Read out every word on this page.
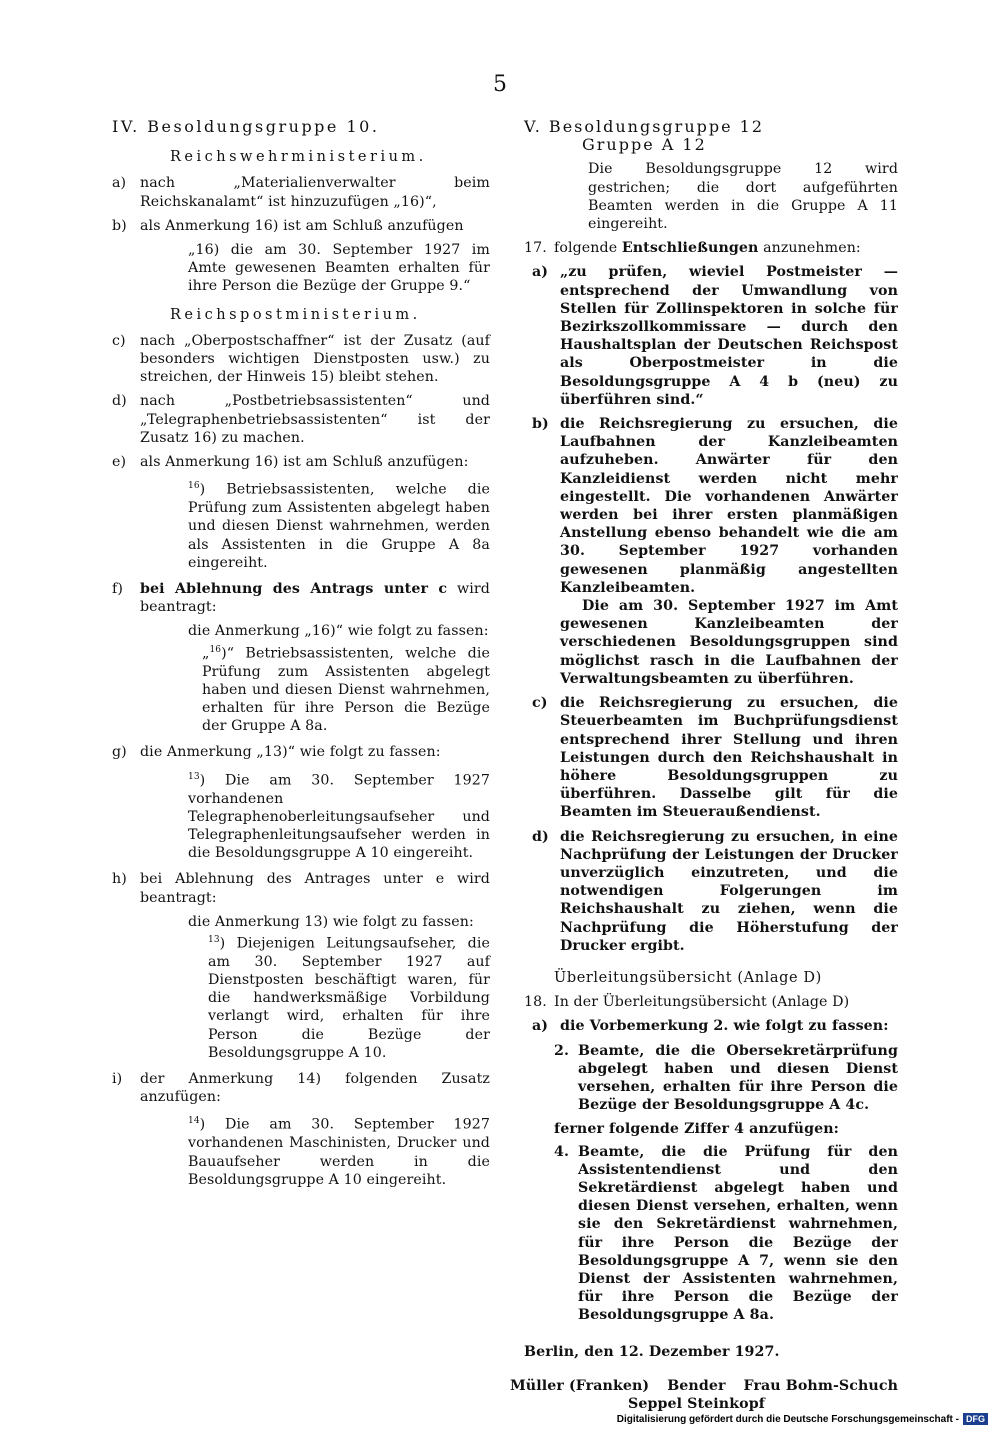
5
IV. Besoldungsgruppe 10.
Reichswehrministerium.
a) nach „Materialienverwalter beim Reichskanalamt“ ist hinzuzufügen „16)“,
b) als Anmerkung 16) ist am Schluß anzufügen
„16) die am 30. September 1927 im Amte gewesenen Beamten erhalten für ihre Person die Bezüge der Gruppe 9.“
Reichspostministerium.
c)	nach „Oberpostschaffner“ ist der Zusatz (auf besonders wichtigen Dienstposten usw.) zu streichen, der Hinweis 15) bleibt stehen.
d) nach „Postbetriebsassistenten“ und „Telegraphenbetriebsassistenten“ ist der Zusatz 16) zu machen.
e) als Anmerkung 16) ist am Schluß anzufügen:
$^{16}$) Betriebsassistenten, welche die Prüfung zum Assistenten abgelegt haben und diesen Dienst wahrnehmen, werden als Assistenten in die Gruppe A 8a eingereiht.
f)	bei Ablehnung des Antrags unter c wird beantragt:
die Anmerkung „16)“ wie folgt zu fassen:
„$^{16}$)“ Betriebsassistenten, welche die Prüfung zum Assistenten abgelegt haben und diesen Dienst wahrnehmen, erhalten für ihre Person die Bezüge der Gruppe A 8a.
g) die Anmerkung „13)“ wie folgt zu fassen:
$^{13}$) Die am 30. September 1927 vorhandenen Telegraphenoberleitungsaufseher und Telegraphenleitungsaufseher werden in die Besoldungsgruppe A 10 eingereiht.
h) bei Ablehnung des Antrages unter e wird beantragt:
die Anmerkung 13) wie folgt zu fassen:
$^{13}$) Diejenigen Leitungsaufseher, die am 30. September 1927 auf Dienstposten beschäftigt waren, für die handwerksmäßige Vorbildung verlangt wird, erhalten für ihre Person die Bezüge der Besoldungsgruppe A 10.
i)	der Anmerkung 14) folgenden Zusatz anzufügen:
$^{14}$) Die am 30. September 1927 vorhandenen Maschinisten, Drucker und Bauaufseher werden in die Besoldungsgruppe A 10 eingereiht.
V. Besoldungsgruppe 12
Gruppe A 12
Die Besoldungsgruppe 12 wird gestrichen; die dort aufgeführten Beamten werden in die Gruppe A 11 eingereiht.
17. folgende Entschließungen anzunehmen:
a) „zu prüfen, wieviel Postmeister — entsprechend der Umwandlung von Stellen für Zollinspektoren in solche für Bezirkszollkommissare — durch den Haushaltsplan der Deutschen Reichspost als Oberpostmeister in die Besoldungsgruppe A 4 b (neu) zu überführen sind.“
b) die Reichsregierung zu ersuchen, die Laufbahnen der Kanzleibeamten aufzuheben. Anwärter für den Kanzleidienst werden nicht mehr eingestellt. Die vorhandenen Anwärter werden bei ihrer ersten planmäßigen Anstellung ebenso behandelt wie die am 30. September 1927 vorhanden gewesenen planmäßig angestellten Kanzleibeamten.
Die am 30. September 1927 im Amt gewesenen Kanzleibeamten der verschiedenen Besoldungsgruppen sind möglichst rasch in die Laufbahnen der Verwaltungsbeamten zu überführen.
c) die Reichsregierung zu ersuchen, die Steuerbeamten im Buchprüfungsdienst entsprechend ihrer Stellung und ihren Leistungen durch den Reichshaushalt in höhere Besoldungsgruppen zu überführen. Dasselbe gilt für die Beamten im Steueraußendienst.
d) die Reichsregierung zu ersuchen, in eine Nachprüfung der Leistungen der Drucker unverzüglich einzutreten, und die notwendigen Folgerungen im Reichshaushalt zu ziehen, wenn die Nachprüfung die Höherstufung der Drucker ergibt.
Überleitungsübersicht (Anlage D)
18. In der Überleitungsübersicht (Anlage D)
a) die Vorbemerkung 2. wie folgt zu fassen:
2. Beamte, die die Obersekretärprüfung abgelegt haben und diesen Dienst versehen, erhalten für ihre Person die Bezüge der Besoldungsgruppe A 4c.
ferner folgende Ziffer 4 anzufügen:
4. Beamte, die die Prüfung für den Assistentendienst und den Sekretärdienst abgelegt haben und diesen Dienst versehen, erhalten, wenn sie den Sekretärdienst wahrnehmen, für ihre Person die Bezüge der Besoldungsgruppe A 7, wenn sie den Dienst der Assistenten wahrnehmen, für ihre Person die Bezüge der Besoldungsgruppe A 8a.
Berlin, den 12. Dezember 1927.
Müller (Franken) Bender Frau Bohm-Schuch
Seppel Steinkopf
Digitalisierung gefördert durch die Deutsche Forschungsgemeinschaft - DFG
